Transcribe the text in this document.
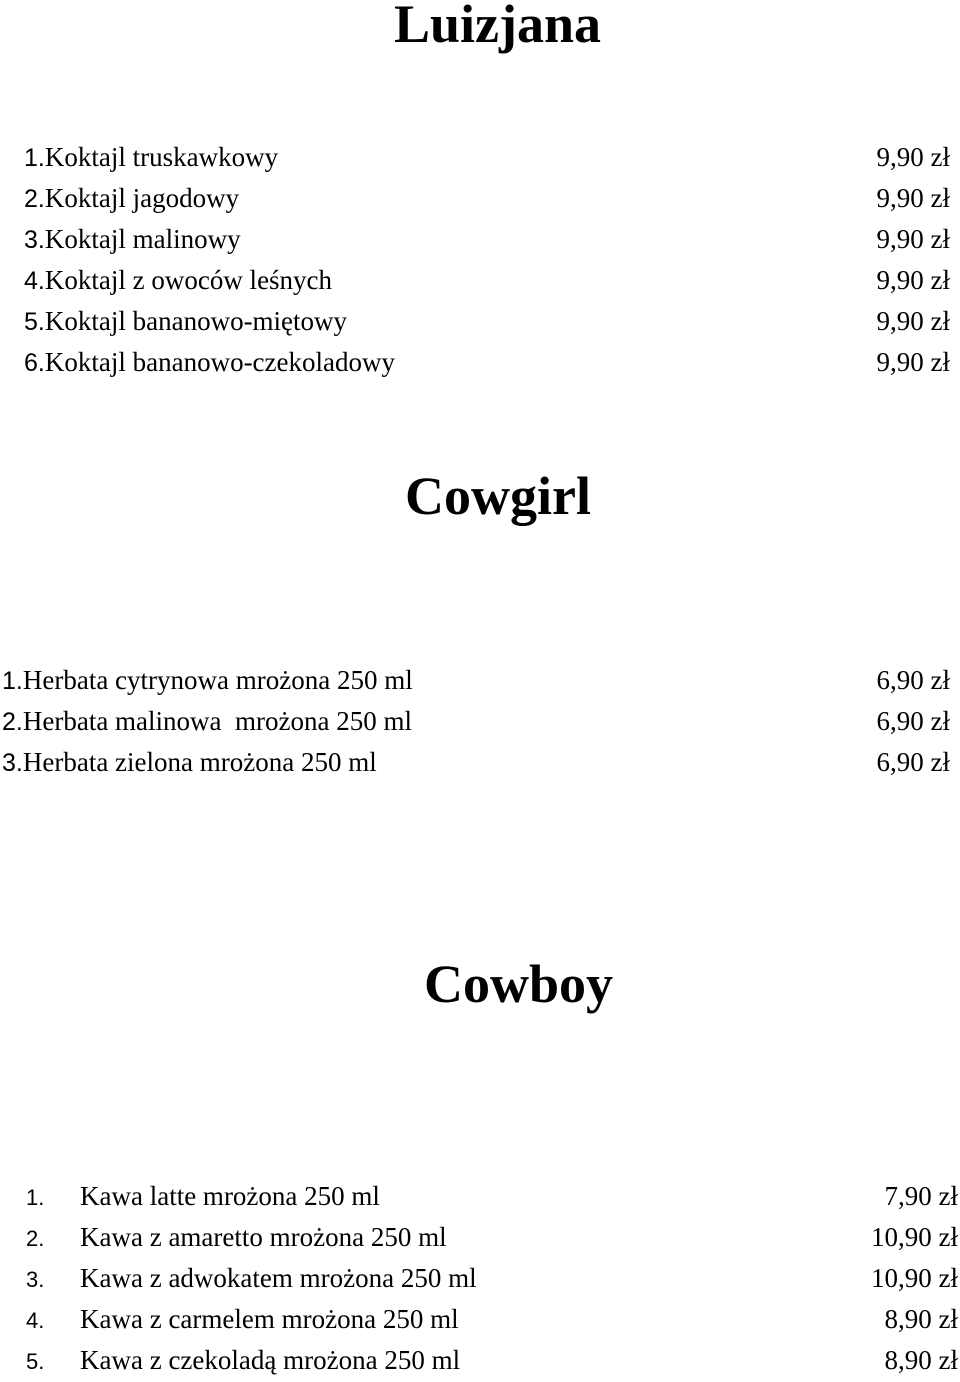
Luizjana
1.Koktajl truskawkowy	9,90 zł
2.Koktajl jagodowy	9,90 zł
3.Koktajl malinowy	9,90 zł
4.Koktajl z owoców leśnych	9,90 zł
5.Koktajl bananowo-miętowy	9,90 zł
6.Koktajl bananowo-czekoladowy	9,90 zł
Cowgirl
1.Herbata cytrynowa mrożona 250 ml	6,90 zł
2.Herbata malinowa  mrożona 250 ml	6,90 zł
3.Herbata zielona mrożona 250 ml	6,90 zł
Cowboy
1. Kawa latte mrożona 250 ml	7,90 zł
2. Kawa z amaretto mrożona 250 ml	10,90 zł
3. Kawa z adwokatem mrożona 250 ml	10,90 zł
4. Kawa z carmelem mrożona 250 ml	8,90 zł
5. Kawa z czekoladą mrożona 250 ml	8,90 zł
